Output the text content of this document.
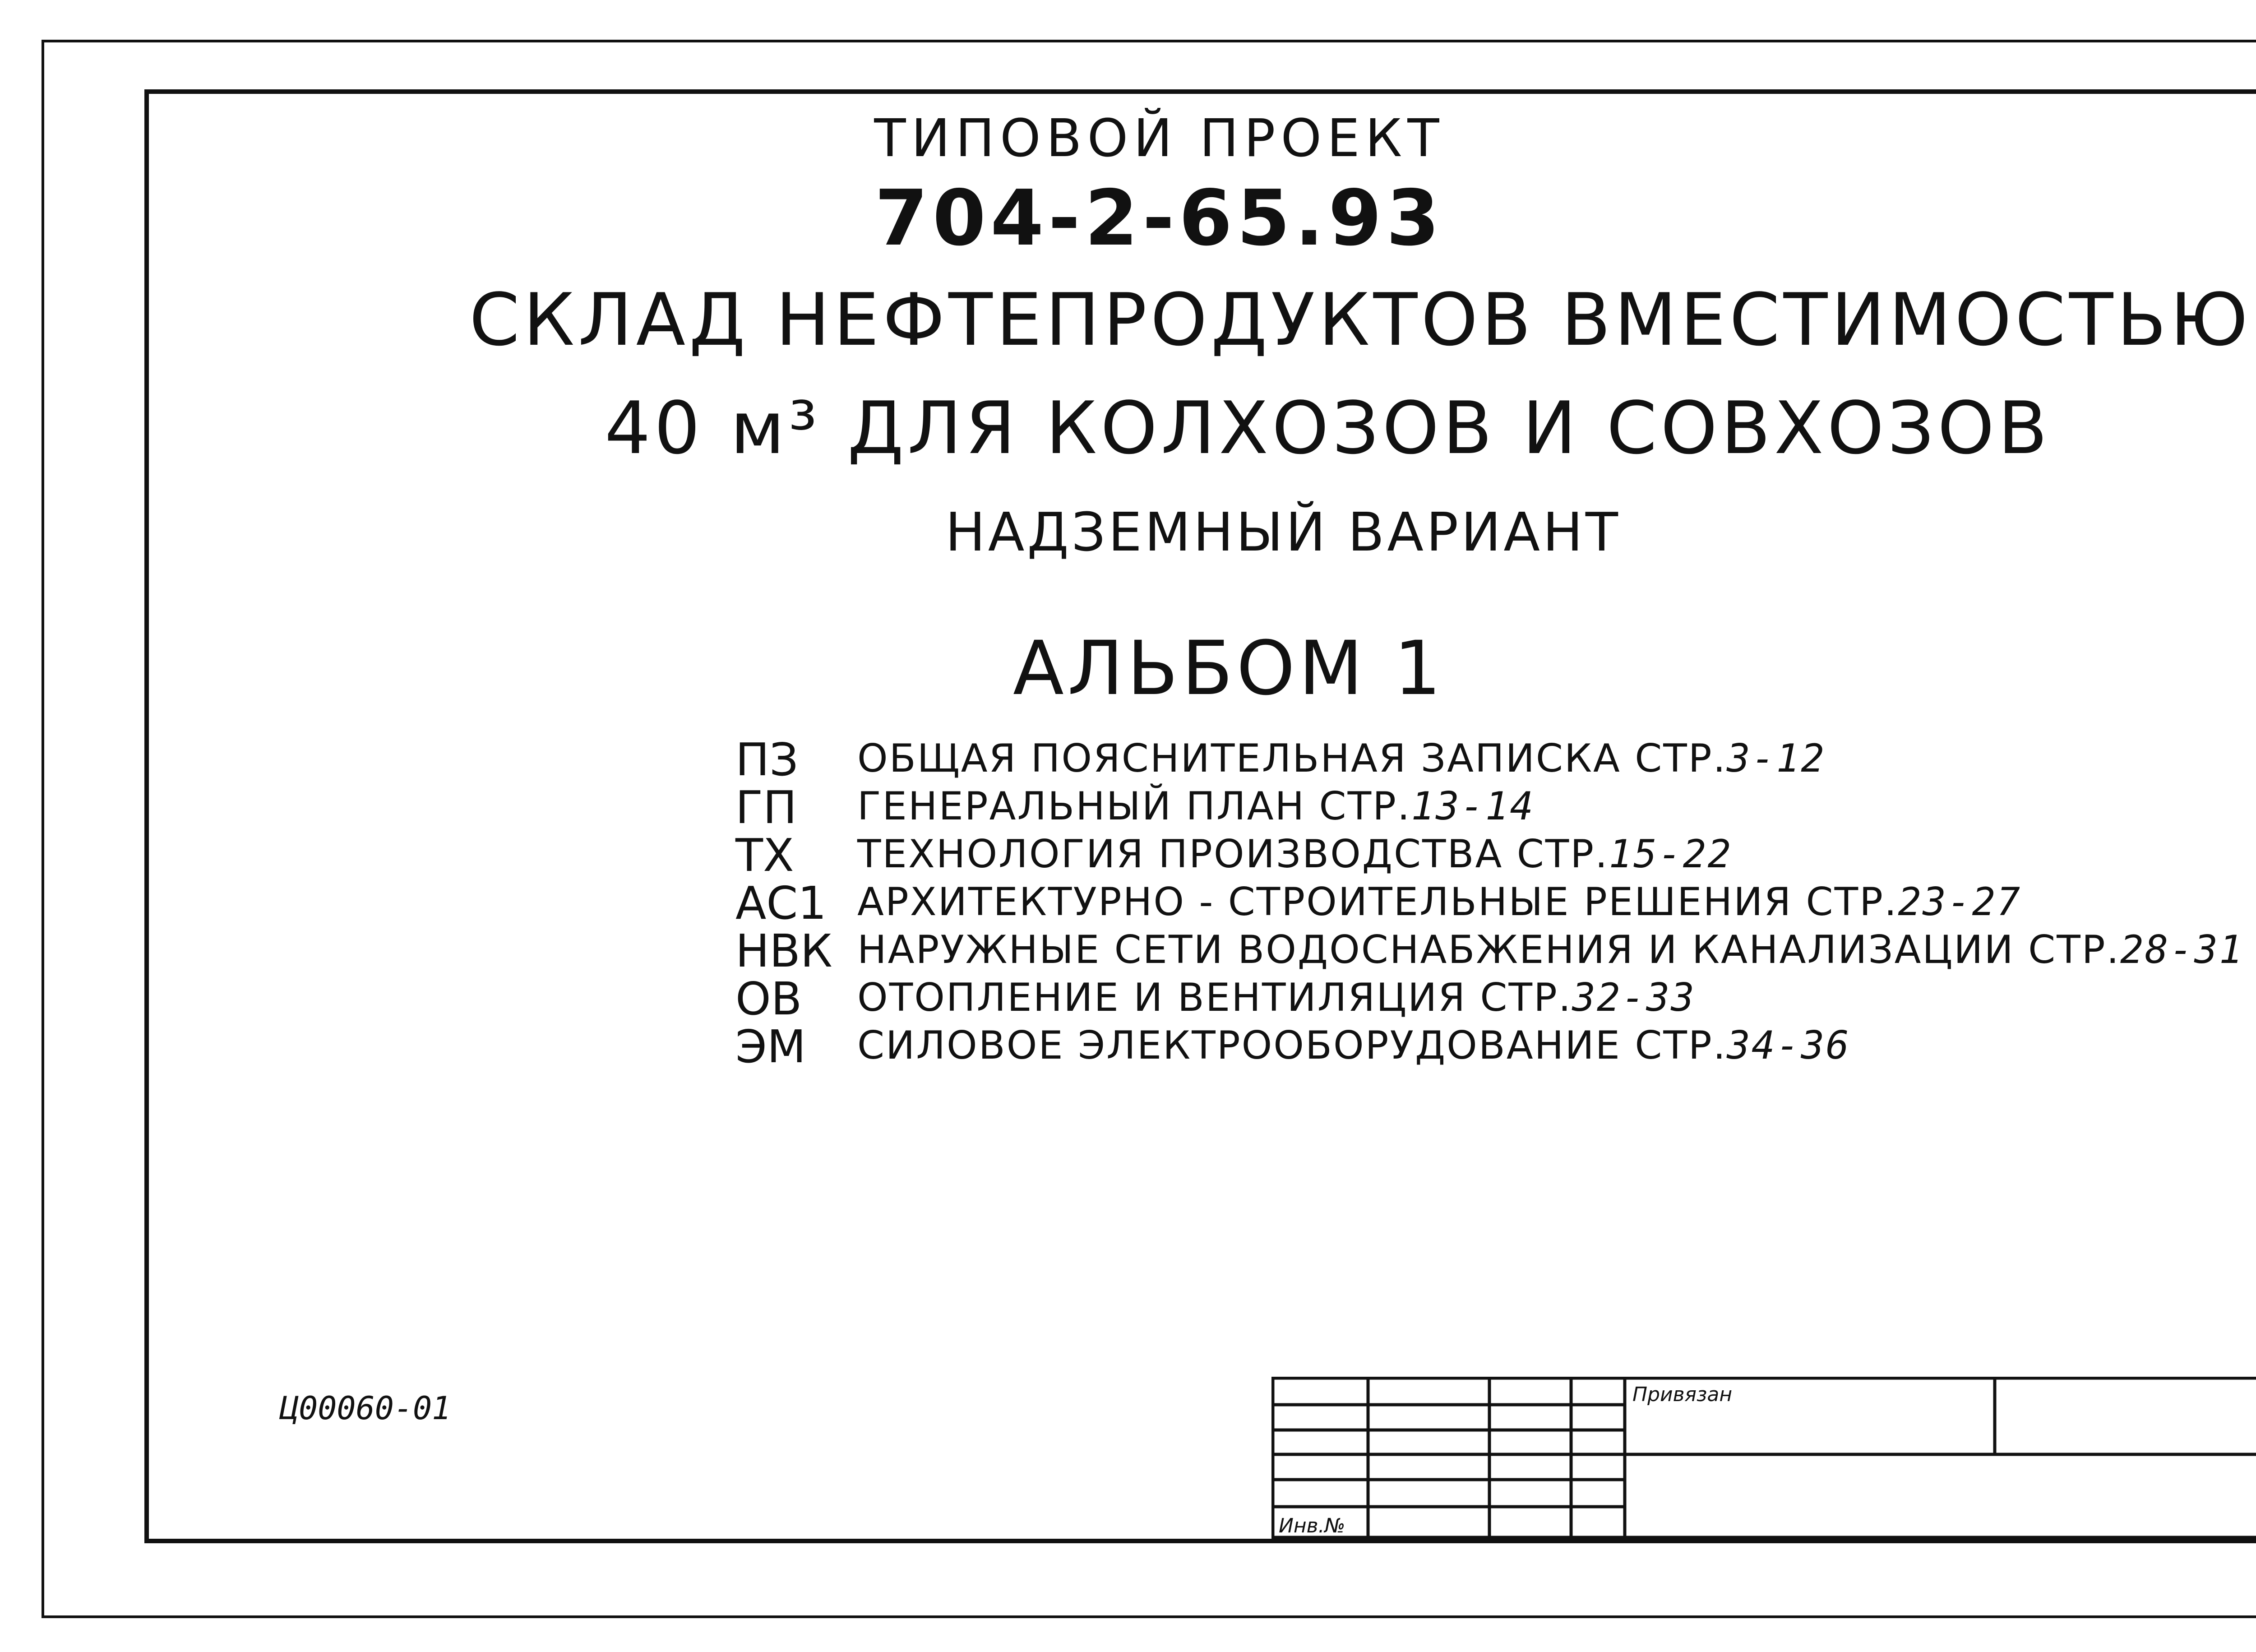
ТИПОВОЙ ПРОЕКТ
704-2-65.93
СКЛАД НЕФТЕПРОДУКТОВ ВМЕСТИМОСТЬЮ
40 м³ ДЛЯ КОЛХОЗОВ И СОВХОЗОВ
НАДЗЕМНЫЙ ВАРИАНТ
АЛЬБОМ 1
ПЗ	ОБЩАЯ ПОЯСНИТЕЛЬНАЯ ЗАПИСКА СТР.3-12
ГП	ГЕНЕРАЛЬНЫЙ ПЛАН СТР.13-14
ТХ	ТЕХНОЛОГИЯ ПРОИЗВОДСТВА СТР.15-22
АС1 АРХИТЕКТУРНО - СТРОИТЕЛЬНЫЕ РЕШЕНИЯ СТР.23-27
НВК НАРУЖНЫЕ СЕТИ ВОДОСНАБЖЕНИЯ И КАНАЛИЗАЦИИ СТР.28-31
ОВ	ОТОПЛЕНИЕ И ВЕНТИЛЯЦИЯ СТР.32-33
ЭМ	СИЛОВОЕ ЭЛЕКТРООБОРУДОВАНИЕ СТР.34-36
Ц00060-01	Привязан
Инв.№
